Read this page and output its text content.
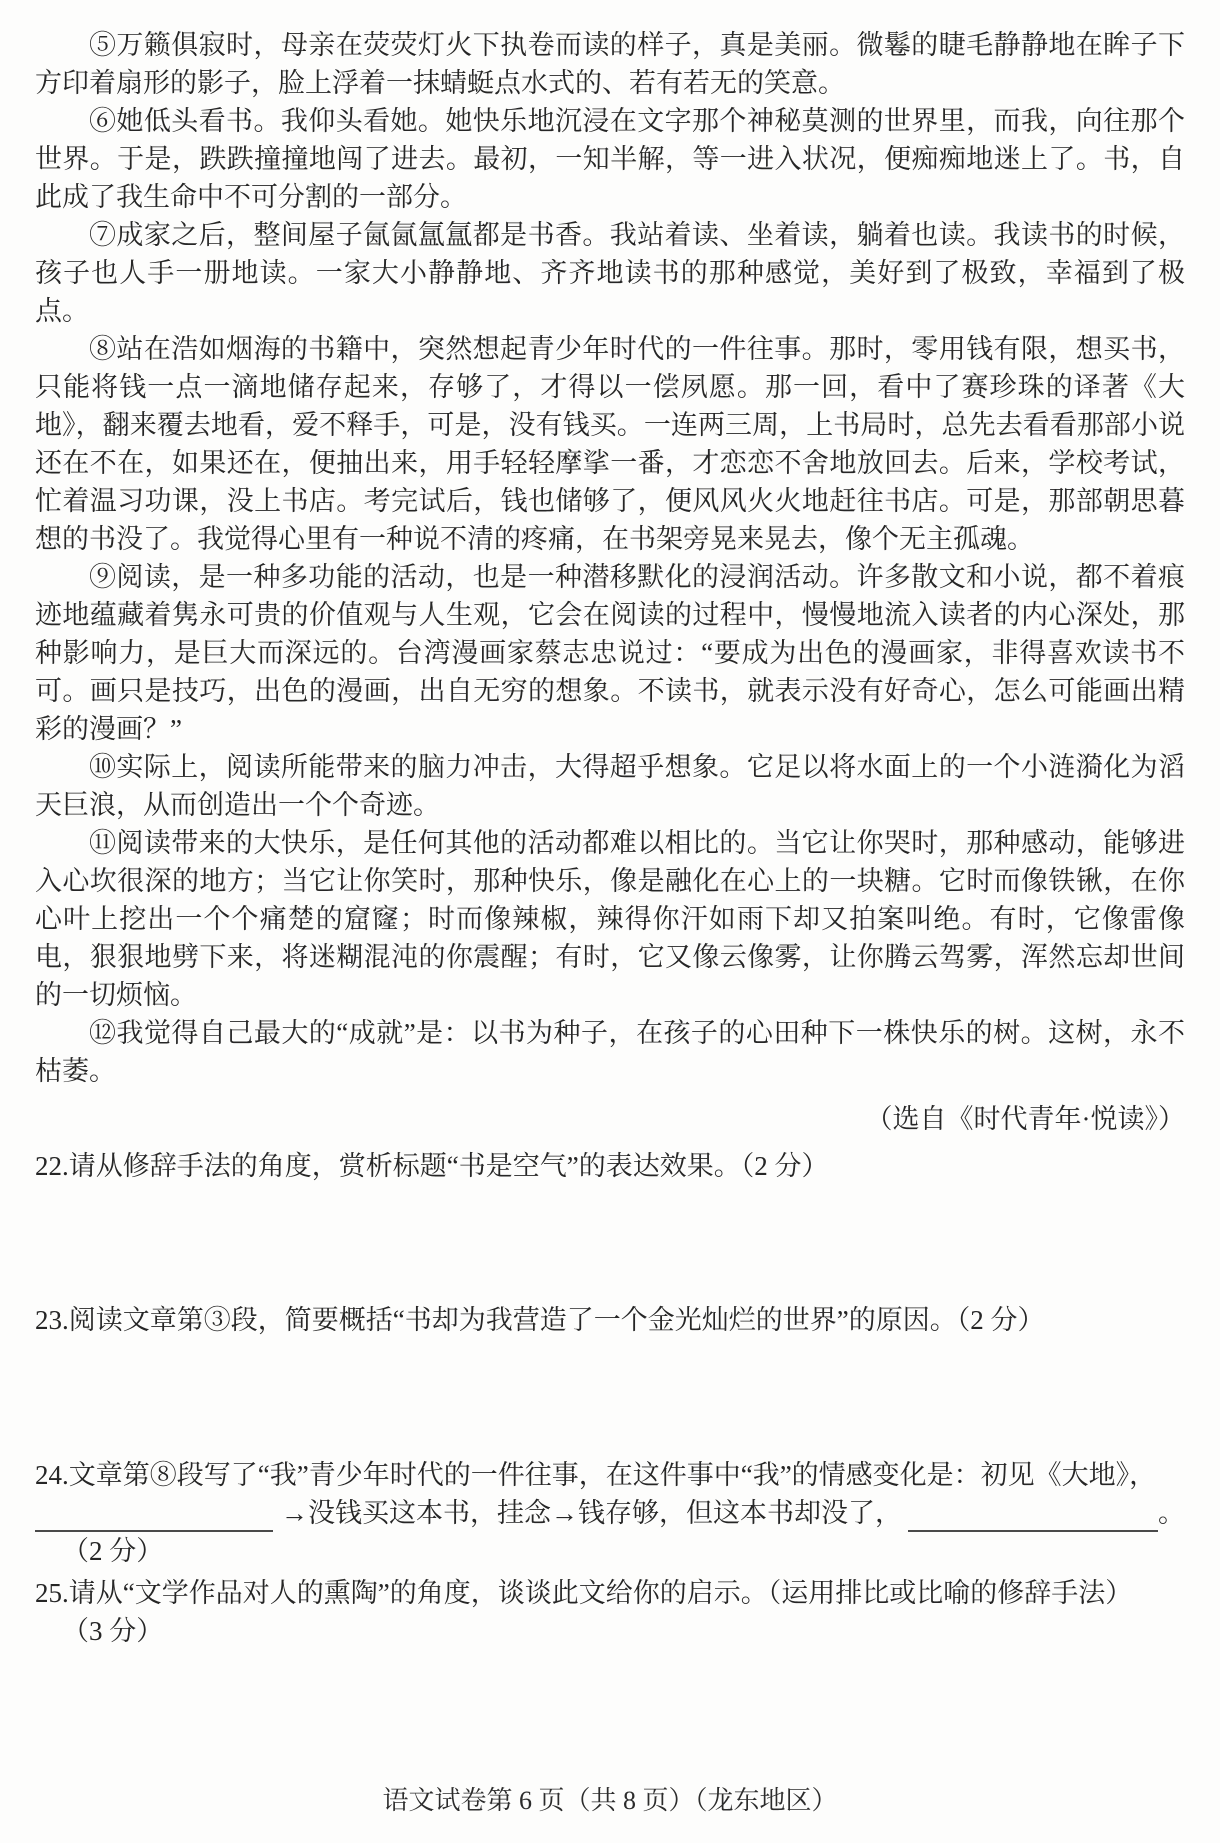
⑤万籁俱寂时，母亲在荧荧灯火下执卷而读的样子，真是美丽。微鬈的睫毛静静地在眸子下方印着扇形的影子，脸上浮着一抹蜻蜓点水式的、若有若无的笑意。

⑥她低头看书。我仰头看她。她快乐地沉浸在文字那个神秘莫测的世界里，而我，向往那个世界。于是，跌跌撞撞地闯了进去。最初，一知半解，等一进入状况，便痴痴地迷上了。书，自此成了我生命中不可分割的一部分。

⑦成家之后，整间屋子氤氤氲氲都是书香。我站着读、坐着读，躺着也读。我读书的时候，孩子也人手一册地读。一家大小静静地、齐齐地读书的那种感觉，美好到了极致，幸福到了极点。

⑧站在浩如烟海的书籍中，突然想起青少年时代的一件往事。那时，零用钱有限，想买书，只能将钱一点一滴地储存起来，存够了，才得以一偿夙愿。那一回，看中了赛珍珠的译著《大地》，翻来覆去地看，爱不释手，可是，没有钱买。一连两三周，上书局时，总先去看看那部小说还在不在，如果还在，便抽出来，用手轻轻摩挲一番，才恋恋不舍地放回去。后来，学校考试，忙着温习功课，没上书店。考完试后，钱也储够了，便风风火火地赶往书店。可是，那部朝思暮想的书没了。我觉得心里有一种说不清的疼痛，在书架旁晃来晃去，像个无主孤魂。

⑨阅读，是一种多功能的活动，也是一种潜移默化的浸润活动。许多散文和小说，都不着痕迹地蕴藏着隽永可贵的价值观与人生观，它会在阅读的过程中，慢慢地流入读者的内心深处，那种影响力，是巨大而深远的。台湾漫画家蔡志忠说过：“要成为出色的漫画家，非得喜欢读书不可。画只是技巧，出色的漫画，出自无穷的想象。不读书，就表示没有好奇心，怎么可能画出精彩的漫画？”

⑩实际上，阅读所能带来的脑力冲击，大得超乎想象。它足以将水面上的一个小涟漪化为滔天巨浪，从而创造出一个个奇迹。

⑪阅读带来的大快乐，是任何其他的活动都难以相比的。当它让你哭时，那种感动，能够进入心坎很深的地方；当它让你笑时，那种快乐，像是融化在心上的一块糖。它时而像铁锹，在你心叶上挖出一个个痛楚的窟窿；时而像辣椒，辣得你汗如雨下却又拍案叫绝。有时，它像雷像电，狠狠地劈下来，将迷糊混沌的你震醒；有时，它又像云像雾，让你腾云驾雾，浑然忘却世间的一切烦恼。

⑫我觉得自己最大的“成就”是：以书为种子，在孩子的心田种下一株快乐的树。这树，永不枯萎。

（选自《时代青年·悦读》）

22.请从修辞手法的角度，赏析标题“书是空气”的表达效果。（2 分）

23.阅读文章第③段，简要概括“书却为我营造了一个金光灿烂的世界”的原因。（2 分）

24.文章第⑧段写了“我”青少年时代的一件往事，在这件事中“我”的情感变化是：初见《大地》，

→没钱买这本书，挂念→钱存够，但这本书却没了，	。

（2 分）

25.请从“文学作品对人的熏陶”的角度，谈谈此文给你的启示。（运用排比或比喻的修辞手法）

（3 分）

语文试卷第 6 页（共 8 页）（龙东地区）
